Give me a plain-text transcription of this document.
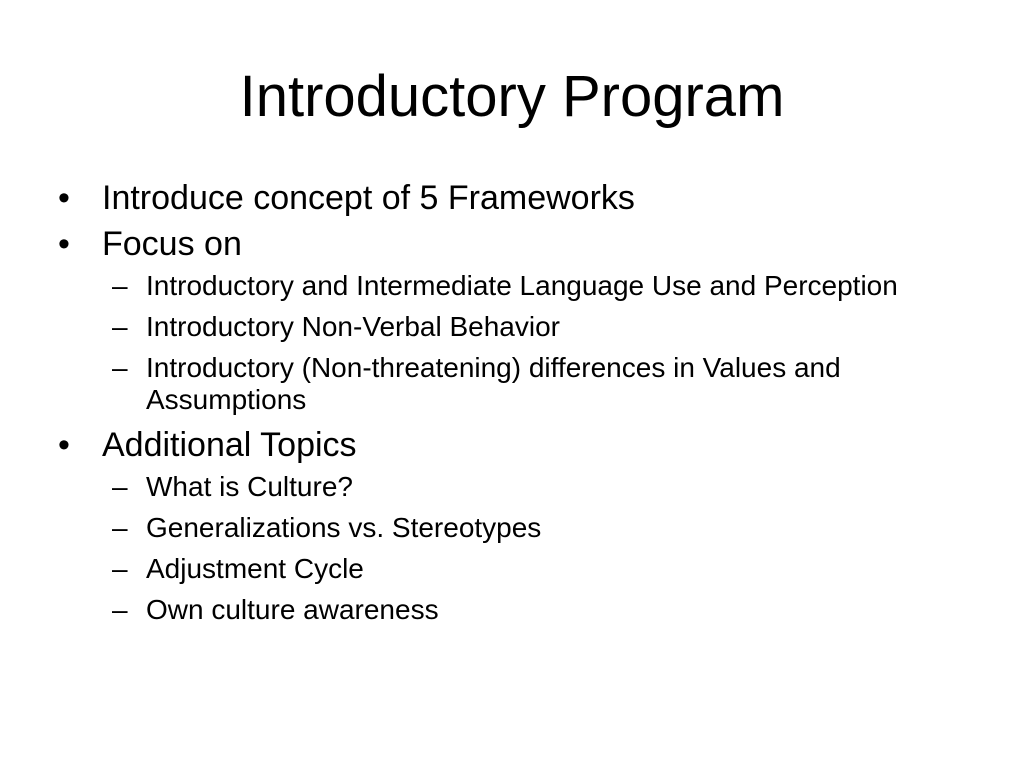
Introductory Program
• Introduce concept of 5 Frameworks
• Focus on
– Introductory and Intermediate Language Use and Perception
– Introductory Non-Verbal Behavior
– Introductory (Non-threatening) differences in Values and Assumptions
• Additional Topics
– What is Culture?
– Generalizations vs. Stereotypes
– Adjustment Cycle
– Own culture awareness
